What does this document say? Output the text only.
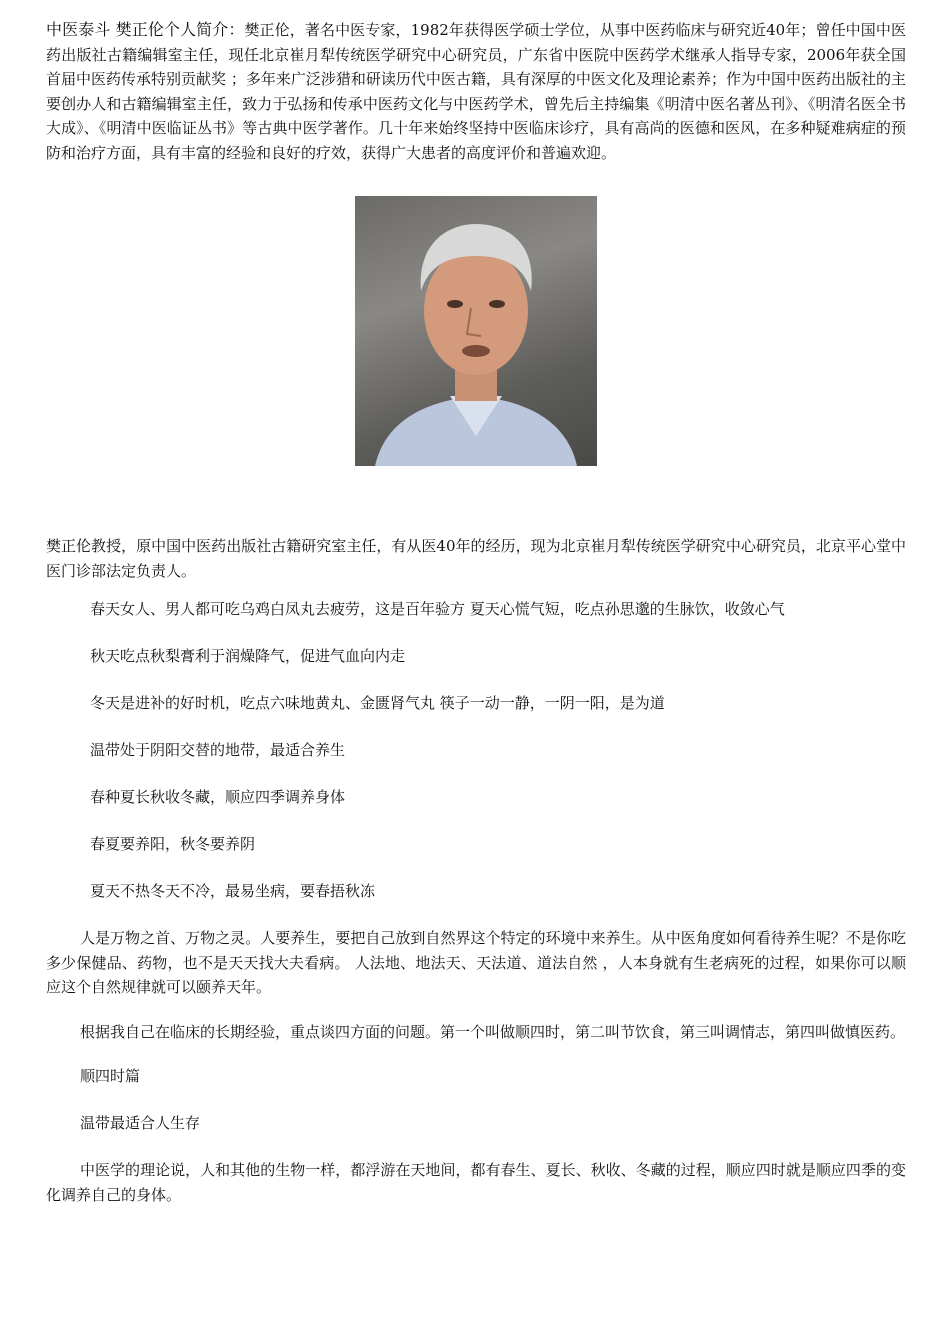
中医泰斗 樊正伦个人简介：樊正伦，著名中医专家，1982年获得医学硕士学位，从事中医药临床与研究近40年；曾任中国中医药出版社古籍编辑室主任，现任北京崔月犁传统医学研究中心研究员，广东省中医院中医药学术继承人指导专家，2006年获全国 首届中医药传承特别贡献奖 ；多年来广泛涉猎和研读历代中医古籍，具有深厚的中医文化及理论素养；作为中国中医药出版社的主要创办人和古籍编辑室主任，致力于弘扬和传承中医药文化与中医药学术，曾先后主持编集《明清中医名著丛刊》、《明清名医全书大成》、《明清中医临证丛书》等古典中医学著作。几十年来始终坚持中医临床诊疗，具有高尚的医德和医风，在多种疑难病症的预防和治疗方面，具有丰富的经验和良好的疗效，获得广大患者的高度评价和普遍欢迎。

樊正伦教授，原中国中医药出版社古籍研究室主任，有从医40年的经历，现为北京崔月犁传统医学研究中心研究员，北京平心堂中医门诊部法定负责人。

春天女人、男人都可吃乌鸡白凤丸去疲劳，这是百年验方 夏天心慌气短，吃点孙思邈的生脉饮，收敛心气

秋天吃点秋梨膏利于润燥降气，促进气血向内走

冬天是进补的好时机，吃点六味地黄丸、金匮肾气丸 筷子一动一静，一阴一阳，是为道

温带处于阴阳交替的地带，最适合养生

春种夏长秋收冬藏，顺应四季调养身体

春夏要养阳，秋冬要养阴

夏天不热冬天不冷，最易坐病，要春捂秋冻

人是万物之首、万物之灵。人要养生，要把自己放到自然界这个特定的环境中来养生。从中医角度如何看待养生呢？不是你吃多少保健品、药物，也不是天天找大夫看病。 人法地、地法天、天法道、道法自然 ，人本身就有生老病死的过程，如果你可以顺应这个自然规律就可以颐养天年。

根据我自己在临床的长期经验，重点谈四方面的问题。第一个叫做顺四时，第二叫节饮食，第三叫调情志，第四叫做慎医药。

顺四时篇

温带最适合人生存

中医学的理论说，人和其他的生物一样，都浮游在天地间，都有春生、夏长、秋收、冬藏的过程，顺应四时就是顺应四季的变化调养自己的身体。
